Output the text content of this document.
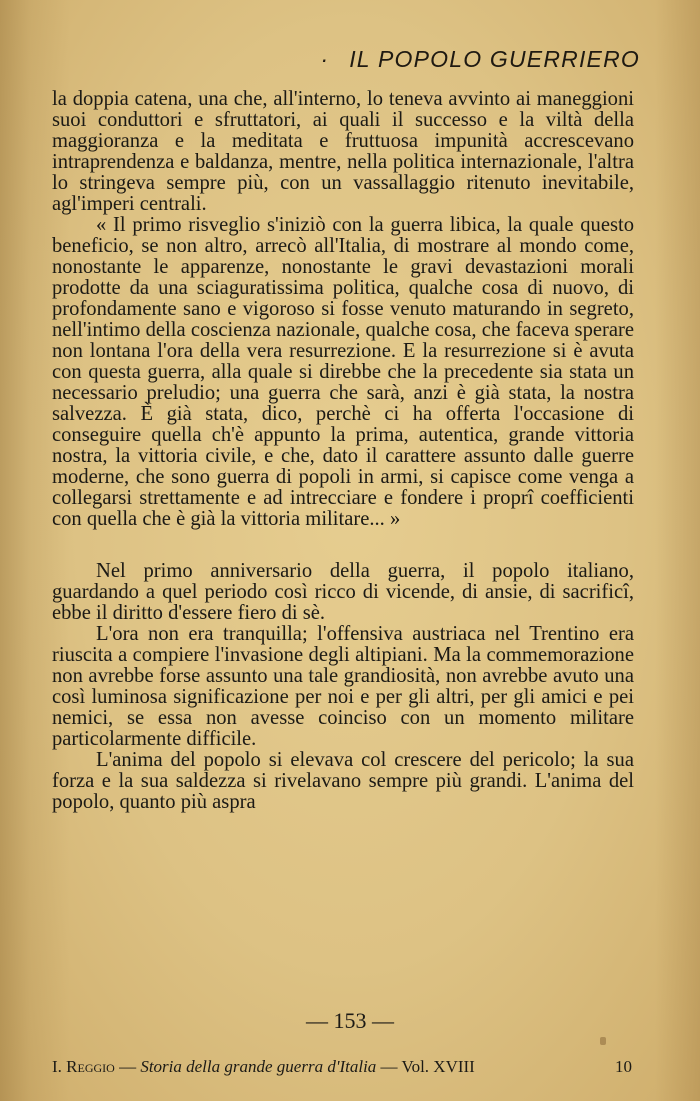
· IL POPOLO GUERRIERO

la doppia catena, una che, all'interno, lo teneva avvinto ai maneggioni suoi conduttori e sfruttatori, ai quali il successo e la viltà della maggioranza e la meditata e fruttuosa impunità accrescevano intraprendenza e baldanza, mentre, nella politica internazionale, l'altra lo stringeva sempre più, con un vassallaggio ritenuto inevitabile, agl'imperi centrali.

« Il primo risveglio s'iniziò con la guerra libica, la quale questo beneficio, se non altro, arrecò all'Italia, di mostrare al mondo come, nonostante le apparenze, nonostante le gravi devastazioni morali prodotte da una sciaguratissima politica, qualche cosa di nuovo, di profondamente sano e vigoroso si fosse venuto maturando in segreto, nell'intimo della coscienza nazionale, qualche cosa, che faceva sperare non lontana l'ora della vera resurrezione. E la resurrezione si è avuta con questa guerra, alla quale si direbbe che la precedente sia stata un necessario preludio; una guerra che sarà, anzi è già stata, la nostra salvezza. È già stata, dico, perchè ci ha offerta l'occasione di conseguire quella ch'è appunto la prima, autentica, grande vittoria nostra, la vittoria civile, e che, dato il carattere assunto dalle guerre moderne, che sono guerra di popoli in armi, si capisce come venga a collegarsi strettamente e ad intrecciare e fondere i proprî coefficienti con quella che è già la vittoria militare... »

Nel primo anniversario della guerra, il popolo italiano, guardando a quel periodo così ricco di vicende, di ansie, di sacrificî, ebbe il diritto d'essere fiero di sè.

L'ora non era tranquilla; l'offensiva austriaca nel Trentino era riuscita a compiere l'invasione degli altipiani. Ma la commemorazione non avrebbe forse assunto una tale grandiosità, non avrebbe avuto una così luminosa significazione per noi e per gli altri, per gli amici e pei nemici, se essa non avesse coinciso con un momento militare particolarmente difficile.

L'anima del popolo si elevava col crescere del pericolo; la sua forza e la sua saldezza si rivelavano sempre più grandi. L'anima del popolo, quanto più aspra

— 153 —
I. Reggio — Storia della grande guerra d'Italia — Vol. XVIII	10
